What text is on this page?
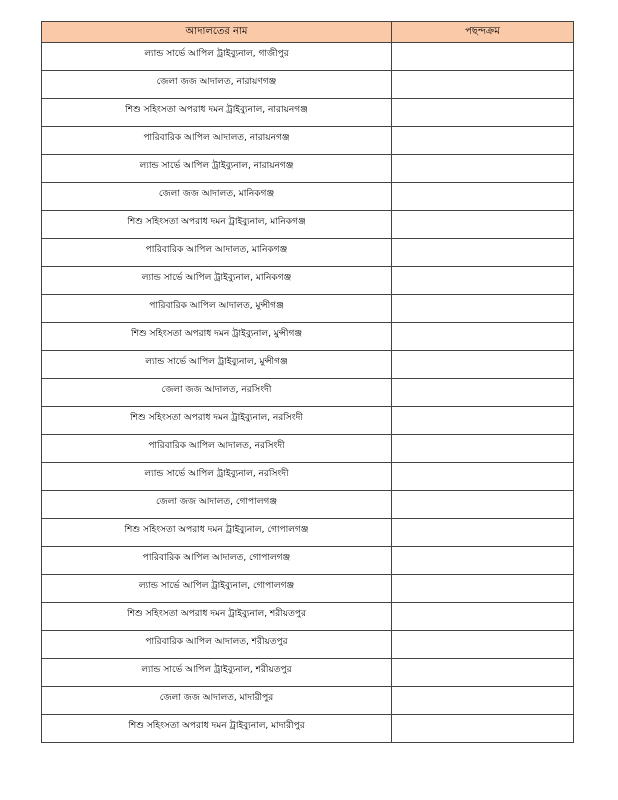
আদালতের নাম	পছন্দক্রম
ল্যান্ড সার্ভে আপিল ট্রাইব্যুনাল, গাজীপুর	
জেলা জজ আদালত, নারায়ণগঞ্জ	
শিশু সহিংসতা অপরাধ দমন ট্রাইব্যুনাল, নারায়নগঞ্জ	
পারিবারিক আপিল আদালত, নারায়নগঞ্জ	
ল্যান্ড সার্ভে আপিল ট্রাইব্যুনাল, নারায়নগঞ্জ	
জেলা জজ আদালত, মানিকগঞ্জ	
শিশু সহিংসতা অপরাধ দমন ট্রাইব্যুনাল, মানিকগঞ্জ	
পারিবারিক আপিল আদালত, মানিকগঞ্জ	
ল্যান্ড সার্ভে আপিল ট্রাইব্যুনাল, মানিকগঞ্জ	
পারিবারিক আপিল আদালত, মুন্সীগঞ্জ	
শিশু সহিংসতা অপরাধ দমন ট্রাইব্যুনাল, মুন্সীগঞ্জ	
ল্যান্ড সার্ভে আপিল ট্রাইব্যুনাল, মুন্সীগঞ্জ	
জেলা জজ আদালত, নরসিংদী	
শিশু সহিংসতা অপরাধ দমন ট্রাইব্যুনাল, নরসিংদী	
পারিবারিক আপিল আদালত, নরসিংদী	
ল্যান্ড সার্ভে আপিল ট্রাইব্যুনাল, নরসিংদী	
জেলা জজ আদালত, গোপালগঞ্জ	
শিশু সহিংসতা অপরাধ দমন ট্রাইব্যুনাল, গোপালগঞ্জ	
পারিবারিক আপিল আদালত, গোপালগঞ্জ	
ল্যান্ড সার্ভে আপিল ট্রাইব্যুনাল, গোপালগঞ্জ	
শিশু সহিংসতা অপরাধ দমন ট্রাইব্যুনাল, শরীয়তপুর	
পারিবারিক আপিল আদালত, শরীয়তপুর	
ল্যান্ড সার্ভে আপিল ট্রাইব্যুনাল, শরীয়তপুর	
জেলা জজ আদালত, মাদারীপুর	
শিশু সহিংসতা অপরাধ দমন ট্রাইব্যুনাল, মাদারীপুর	
